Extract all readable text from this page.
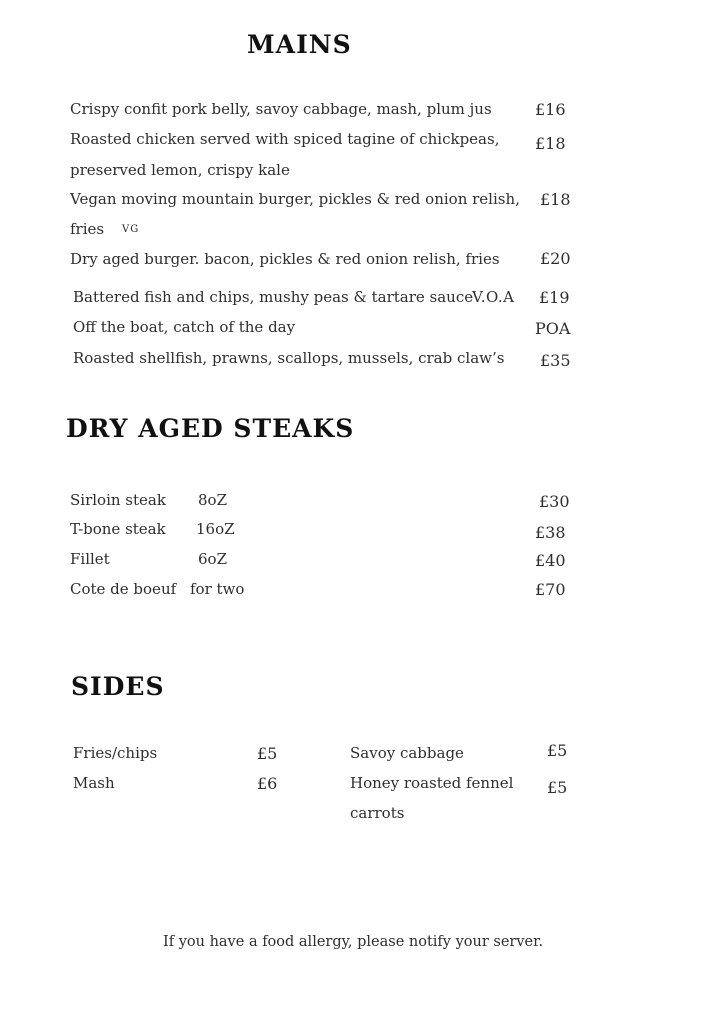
MAINS
Crispy confit pork belly, savoy cabbage, mash, plum jus	£16
Roasted chicken served with spiced tagine of chickpeas,
preserved lemon, crispy kale
£18
Vegan moving mountain burger, pickles & red onion relish,
fries VG
£18
Dry aged burger. bacon, pickles & red onion relish, fries	£20
Battered fish and chips, mushy peas & tartare sauce
V.O.A £19
Off the boat, catch of the day	POA
Roasted shellfish, prawns, scallops, mussels, crab claw’s £35
DRY AGED STEAKS
Sirloin steak 8oZ	£30
T-bone steak 16oZ	£38
Fillet	6oZ	£40
Cote de boeuf for two	£70
SIDES
Fries/chips	£5
Mash	£6
Savoy cabbage	£5
Honey roasted fennel
carrots
£5
If you have a food allergy, please notify your server.
